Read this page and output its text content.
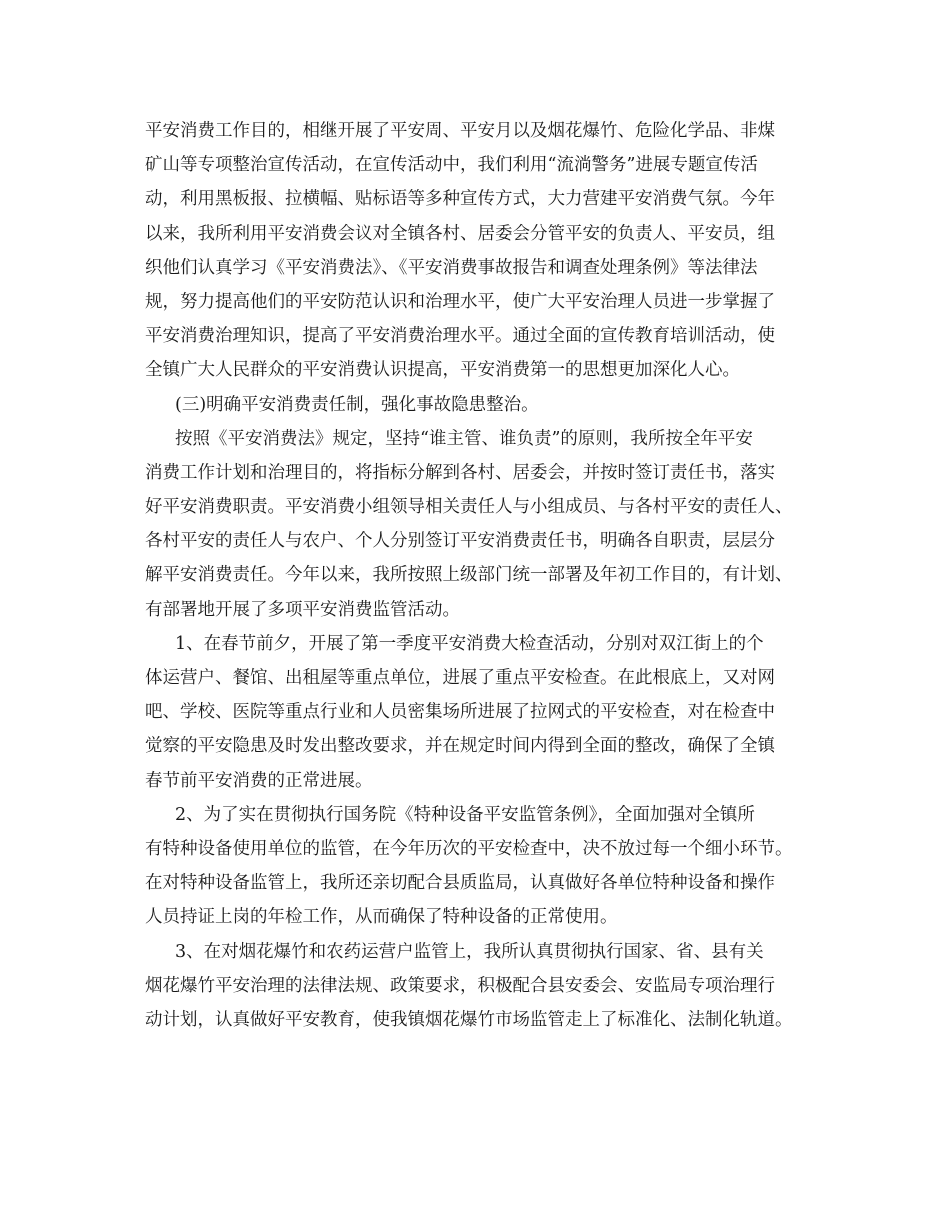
平安消费工作目的，相继开展了平安周、平安月以及烟花爆竹、危险化学品、非煤
矿山等专项整治宣传活动，在宣传活动中，我们利用“流淌警务”进展专题宣传活
动，利用黑板报、拉横幅、贴标语等多种宣传方式，大力营建平安消费气氛。今年
以来，我所利用平安消费会议对全镇各村、居委会分管平安的负责人、平安员，组
织他们认真学习《平安消费法》、《平安消费事故报告和调查处理条例》等法律法
规，努力提高他们的平安防范认识和治理水平，使广大平安治理人员进一步掌握了
平安消费治理知识，提高了平安消费治理水平。通过全面的宣传教育培训活动，使
全镇广大人民群众的平安消费认识提高，平安消费第一的思想更加深化人心。
(三)明确平安消费责任制，强化事故隐患整治。
按照《平安消费法》规定，坚持“谁主管、谁负责”的原则，我所按全年平安
消费工作计划和治理目的，将指标分解到各村、居委会，并按时签订责任书，落实
好平安消费职责。平安消费小组领导相关责任人与小组成员、与各村平安的责任人、
各村平安的责任人与农户、个人分别签订平安消费责任书，明确各自职责，层层分
解平安消费责任。今年以来，我所按照上级部门统一部署及年初工作目的，有计划、
有部署地开展了多项平安消费监管活动。
1、在春节前夕，开展了第一季度平安消费大检查活动，分别对双江街上的个
体运营户、餐馆、出租屋等重点单位，进展了重点平安检查。在此根底上，又对网
吧、学校、医院等重点行业和人员密集场所进展了拉网式的平安检查，对在检查中
觉察的平安隐患及时发出整改要求，并在规定时间内得到全面的整改，确保了全镇
春节前平安消费的正常进展。
2、为了实在贯彻执行国务院《特种设备平安监管条例》，全面加强对全镇所
有特种设备使用单位的监管，在今年历次的平安检查中，决不放过每一个细小环节。
在对特种设备监管上，我所还亲切配合县质监局，认真做好各单位特种设备和操作
人员持证上岗的年检工作，从而确保了特种设备的正常使用。
3、在对烟花爆竹和农药运营户监管上，我所认真贯彻执行国家、省、县有关
烟花爆竹平安治理的法律法规、政策要求，积极配合县安委会、安监局专项治理行
动计划，认真做好平安教育，使我镇烟花爆竹市场监管走上了标准化、法制化轨道。
